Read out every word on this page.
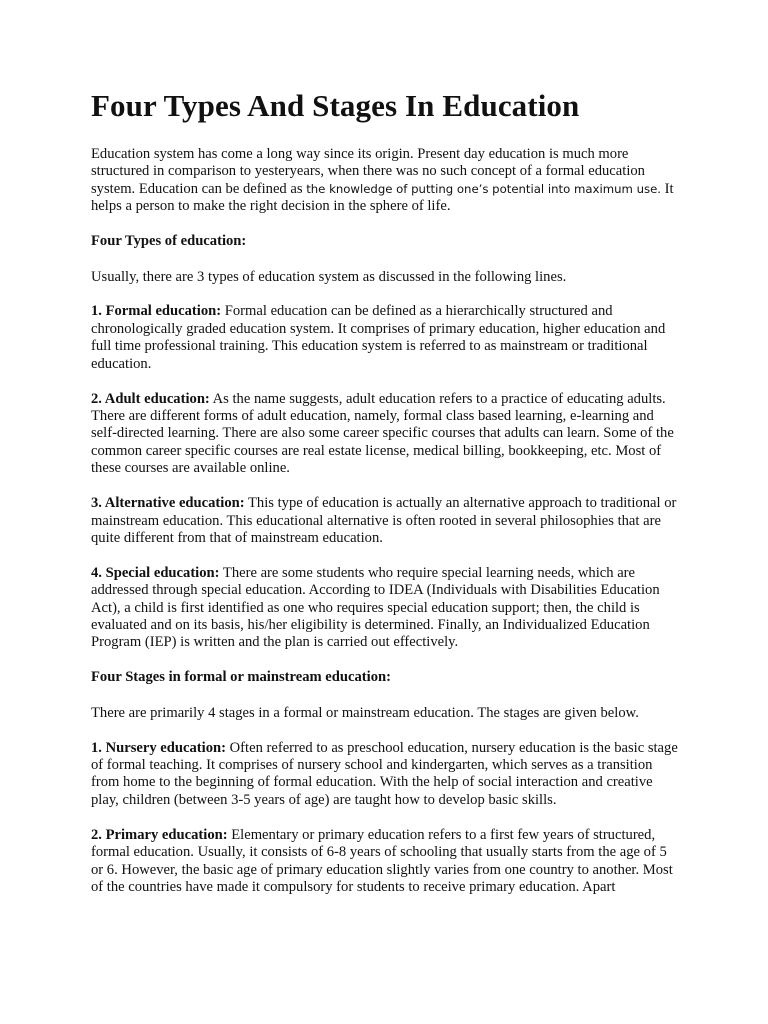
Four Types And Stages In Education

Education system has come a long way since its origin. Present day education is much more structured in comparison to yesteryears, when there was no such concept of a formal education system. Education can be defined as the knowledge of putting one’s potential into maximum use. It helps a person to make the right decision in the sphere of life.

Four Types of education:

Usually, there are 3 types of education system as discussed in the following lines.

1. Formal education: Formal education can be defined as a hierarchically structured and chronologically graded education system. It comprises of primary education, higher education and full time professional training. This education system is referred to as mainstream or traditional education.

2. Adult education: As the name suggests, adult education refers to a practice of educating adults. There are different forms of adult education, namely, formal class based learning, e-learning and self-directed learning. There are also some career specific courses that adults can learn. Some of the common career specific courses are real estate license, medical billing, bookkeeping, etc. Most of these courses are available online.

3. Alternative education: This type of education is actually an alternative approach to traditional or mainstream education. This educational alternative is often rooted in several philosophies that are quite different from that of mainstream education.

4. Special education: There are some students who require special learning needs, which are addressed through special education. According to IDEA (Individuals with Disabilities Education Act), a child is first identified as one who requires special education support; then, the child is evaluated and on its basis, his/her eligibility is determined. Finally, an Individualized Education Program (IEP) is written and the plan is carried out effectively.

Four Stages in formal or mainstream education:

There are primarily 4 stages in a formal or mainstream education. The stages are given below.

1. Nursery education: Often referred to as preschool education, nursery education is the basic stage of formal teaching. It comprises of nursery school and kindergarten, which serves as a transition from home to the beginning of formal education. With the help of social interaction and creative play, children (between 3-5 years of age) are taught how to develop basic skills.

2. Primary education: Elementary or primary education refers to a first few years of structured, formal education. Usually, it consists of 6-8 years of schooling that usually starts from the age of 5 or 6. However, the basic age of primary education slightly varies from one country to another. Most of the countries have made it compulsory for students to receive primary education. Apart
